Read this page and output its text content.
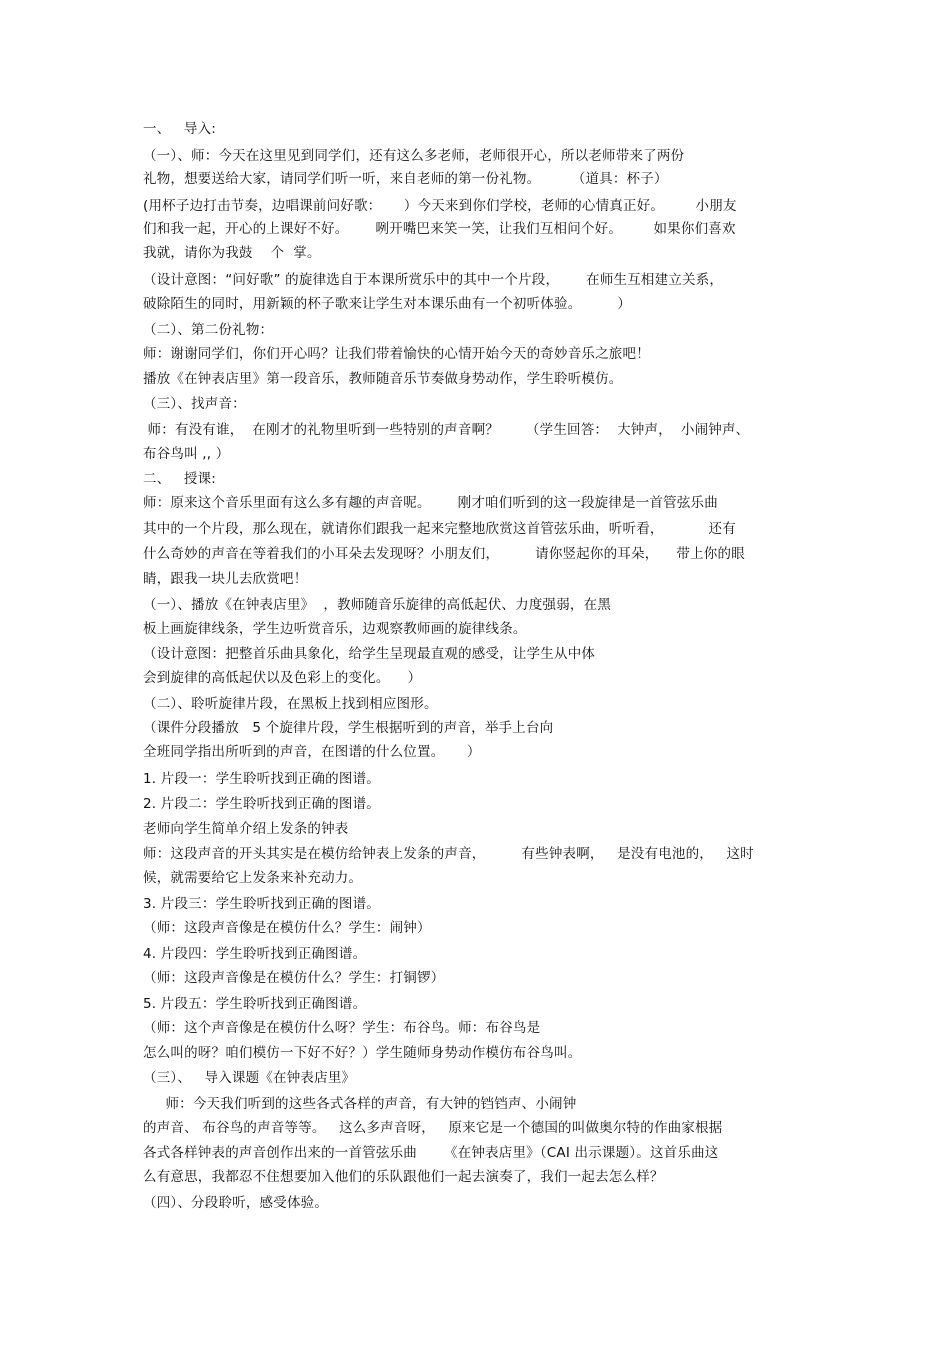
一、   导入:
（一）、师：今天在这里见到同学们，还有这么多老师，老师很开心，所以老师带来了两份
礼物，想要送给大家，请同学们听一听，来自老师的第一份礼物。       （道具：杯子）
(用杯子边打击节奏，边唱课前问好歌：     ）今天来到你们学校，老师的心情真正好。       小朋友
们和我一起，开心的上课好不好。      咧开嘴巴来笑一笑，让我们互相问个好。       如果你们喜欢
我就，请你为我鼓    个  掌。
（设计意图：“问好歌” 的旋律选自于本课所赏乐中的其中一个片段，      在师生互相建立关系，
破除陌生的同时，用新颖的杯子歌来让学生对本课乐曲有一个初听体验。        ）
（二）、第二份礼物：
师：谢谢同学们，你们开心吗？让我们带着愉快的心情开始今天的奇妙音乐之旅吧！
播放《在钟表店里》第一段音乐，教师随音乐节奏做身势动作，学生聆听模仿。
（三）、找声音：
师：有没有谁，  在刚才的礼物里听到一些特别的声音啊？      （学生回答：  大钟声，  小闹钟声、
布谷鸟叫 ,, ）
二、   授课:
师：原来这个音乐里面有这么多有趣的声音呢。      刚才咱们听到的这一段旋律是一首管弦乐曲
其中的一个片段，那么现在，就请你们跟我一起来完整地欣赏这首管弦乐曲，听听看，          还有
什么奇妙的声音在等着我们的小耳朵去发现呀？小朋友们，        请你竖起你的耳朵，    带上你的眼
睛，跟我一块儿去欣赏吧！
（一）、播放《在钟表店里》  ，教师随音乐旋律的高低起伏、力度强弱，在黑
板上画旋律线条，学生边听赏音乐，边观察教师画的旋律线条。
（设计意图：把整首乐曲具象化，给学生呈现最直观的感受，让学生从中体
会到旋律的高低起伏以及色彩上的变化。    ）
（二）、聆听旋律片段，在黑板上找到相应图形。
（课件分段播放   5 个旋律片段，学生根据听到的声音，举手上台向
全班同学指出所听到的声音，在图谱的什么位置。     ）
1. 片段一：学生聆听找到正确的图谱。
2. 片段二：学生聆听找到正确的图谱。
老师向学生简单介绍上发条的钟表
师：这段声音的开头其实是在模仿给钟表上发条的声音，        有些钟表啊，   是没有电池的，   这时
候，就需要给它上发条来补充动力。
3. 片段三：学生聆听找到正确的图谱。
（师：这段声音像是在模仿什么？学生：闹钟）
4. 片段四：学生聆听找到正确图谱。
（师：这段声音像是在模仿什么？学生：打铜锣）
5. 片段五：学生聆听找到正确图谱。
（师：这个声音像是在模仿什么呀？学生：布谷鸟。师：布谷鸟是
怎么叫的呀？咱们模仿一下好不好？）学生随师身势动作模仿布谷鸟叫。
（三）、   导入课题《在钟表店里》
师：今天我们听到的这些各式各样的声音，有大钟的铛铛声、小闹钟
的声音、 布谷鸟的声音等等。   这么多声音呀，   原来它是一个德国的叫做奥尔特的作曲家根据
各式各样钟表的声音创作出来的一首管弦乐曲      《在钟表店里》（CAI 出示课题）。这首乐曲这
么有意思，我都忍不住想要加入他们的乐队跟他们一起去演奏了，我们一起去怎么样？
（四）、分段聆听，感受体验。
